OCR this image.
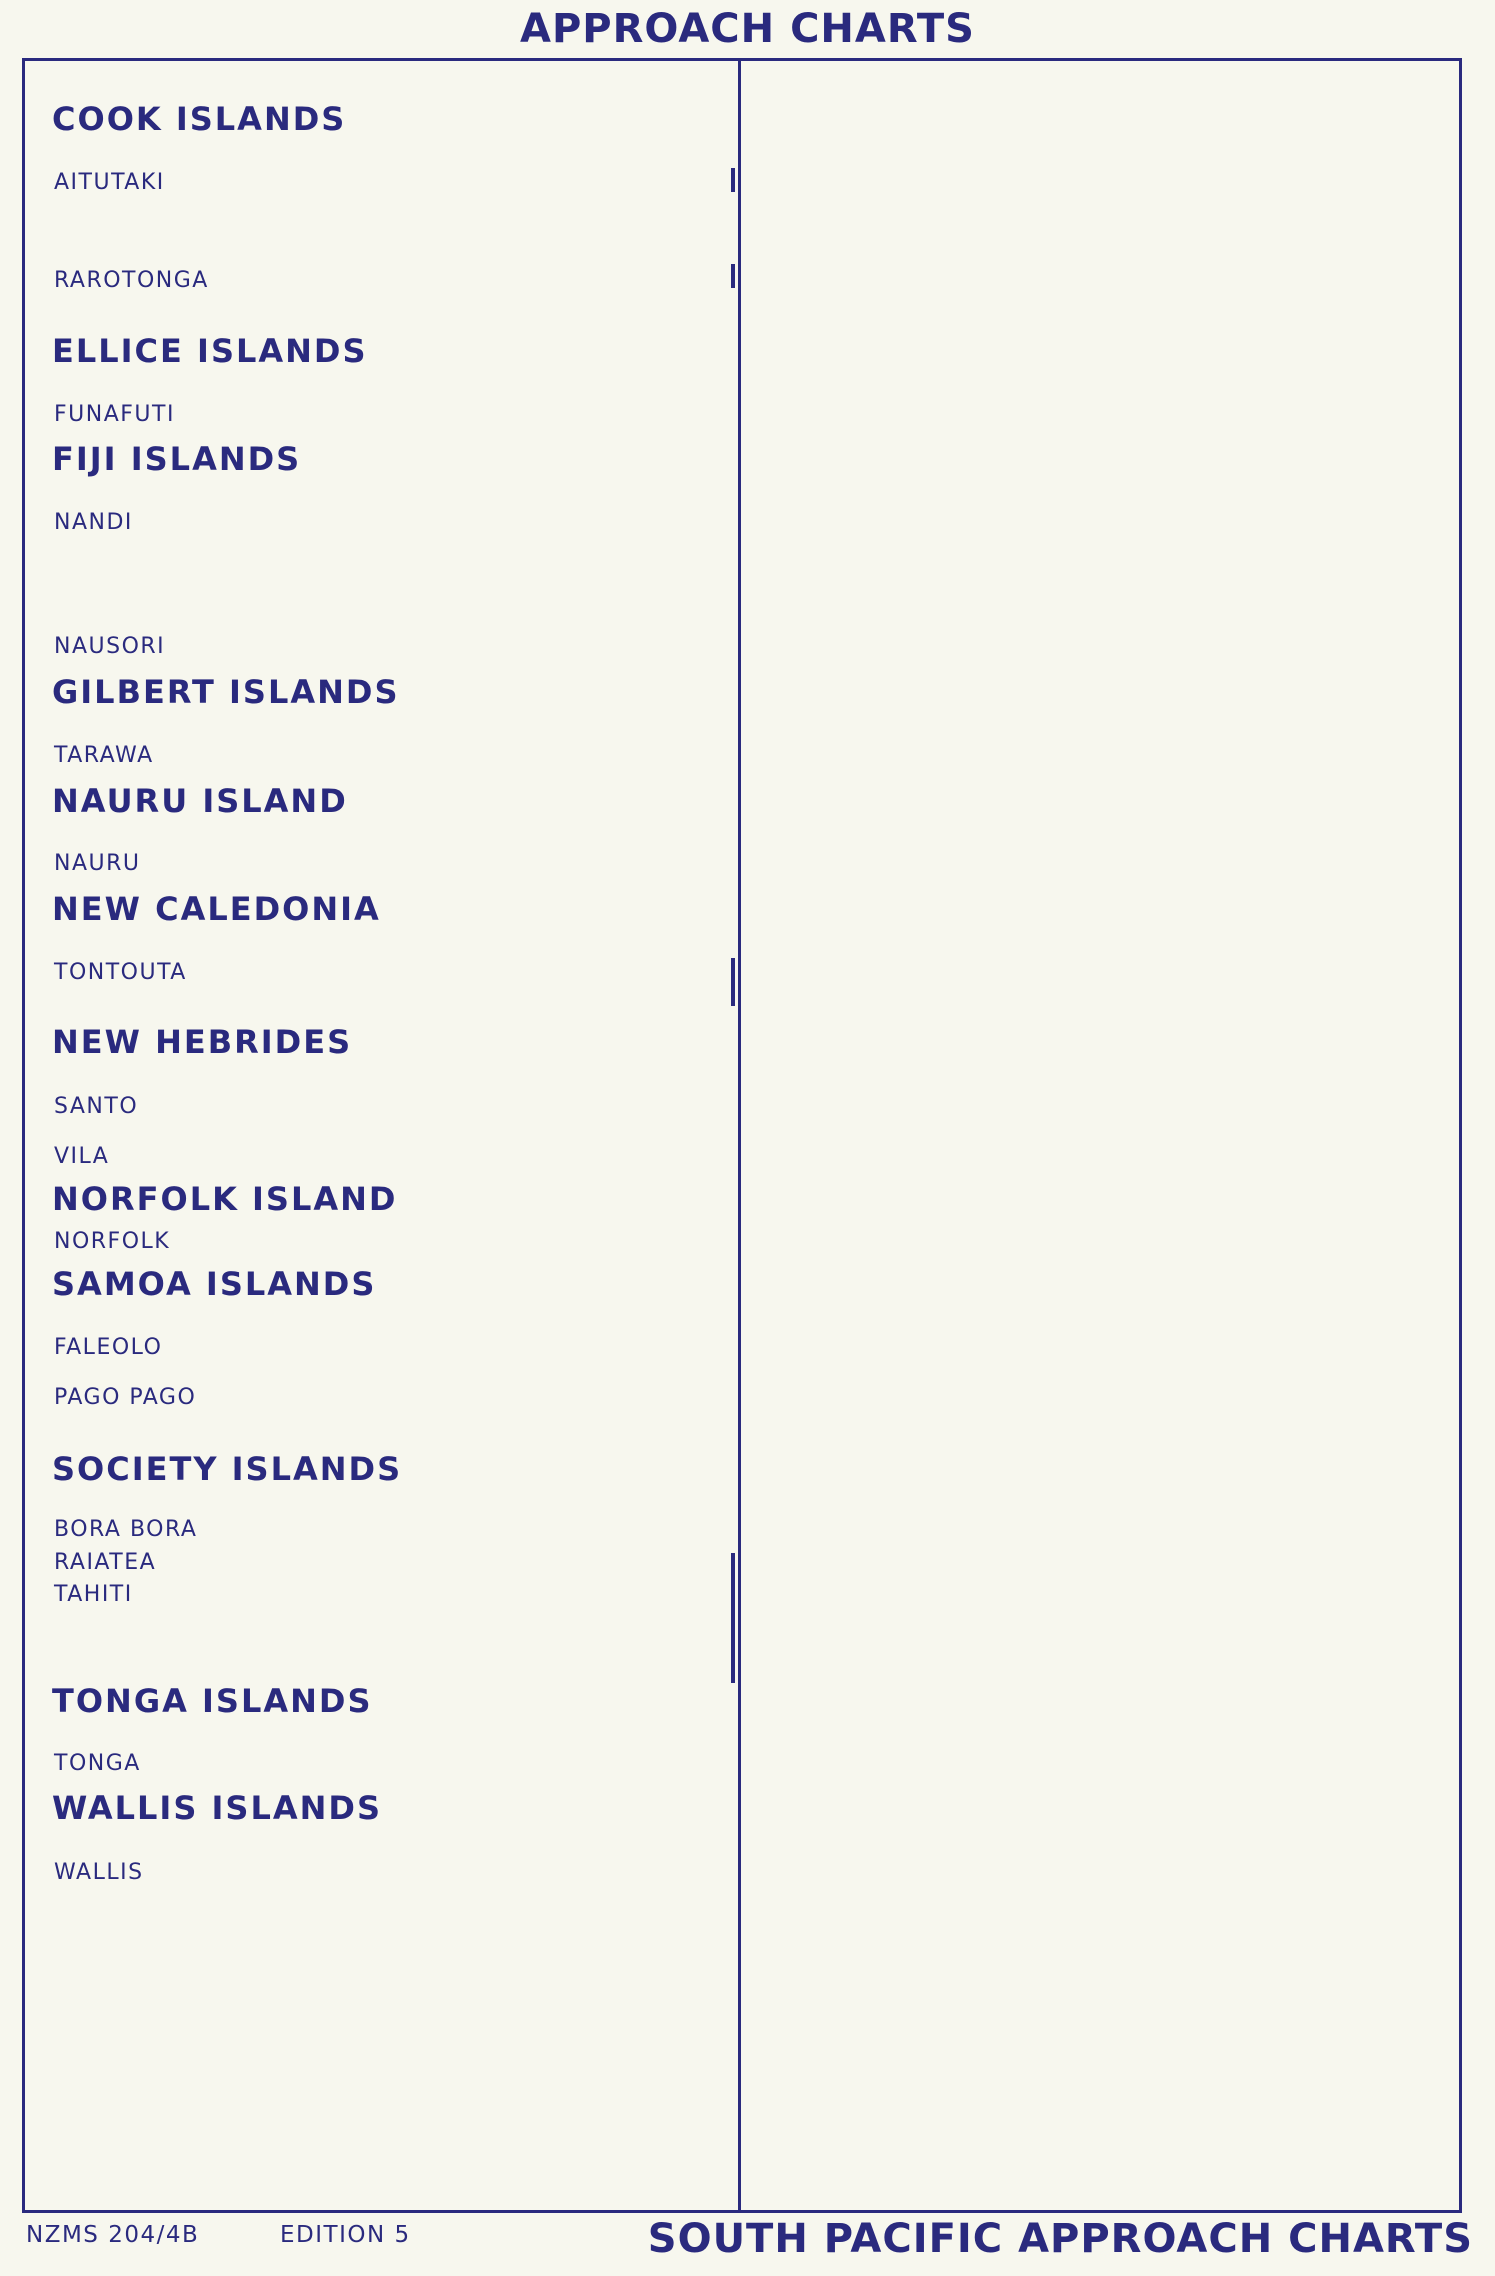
APPROACH CHARTS
COOK ISLANDS
AITUTAKI
RAROTONGA
ELLICE ISLANDS
FUNAFUTI
FIJI ISLANDS
NANDI
NAUSORI
GILBERT ISLANDS
TARAWA
NAURU ISLAND
NAURU
NEW CALEDONIA
TONTOUTA
NEW HEBRIDES
SANTO
VILA
NORFOLK ISLAND
NORFOLK
SAMOA ISLANDS
FALEOLO
PAGO PAGO
SOCIETY ISLANDS
BORA BORA
RAIATEA
TAHITI
TONGA ISLANDS
TONGA
WALLIS ISLANDS
WALLIS
NZMS 204/4B	EDITION 5	SOUTH PACIFIC APPROACH CHARTS
